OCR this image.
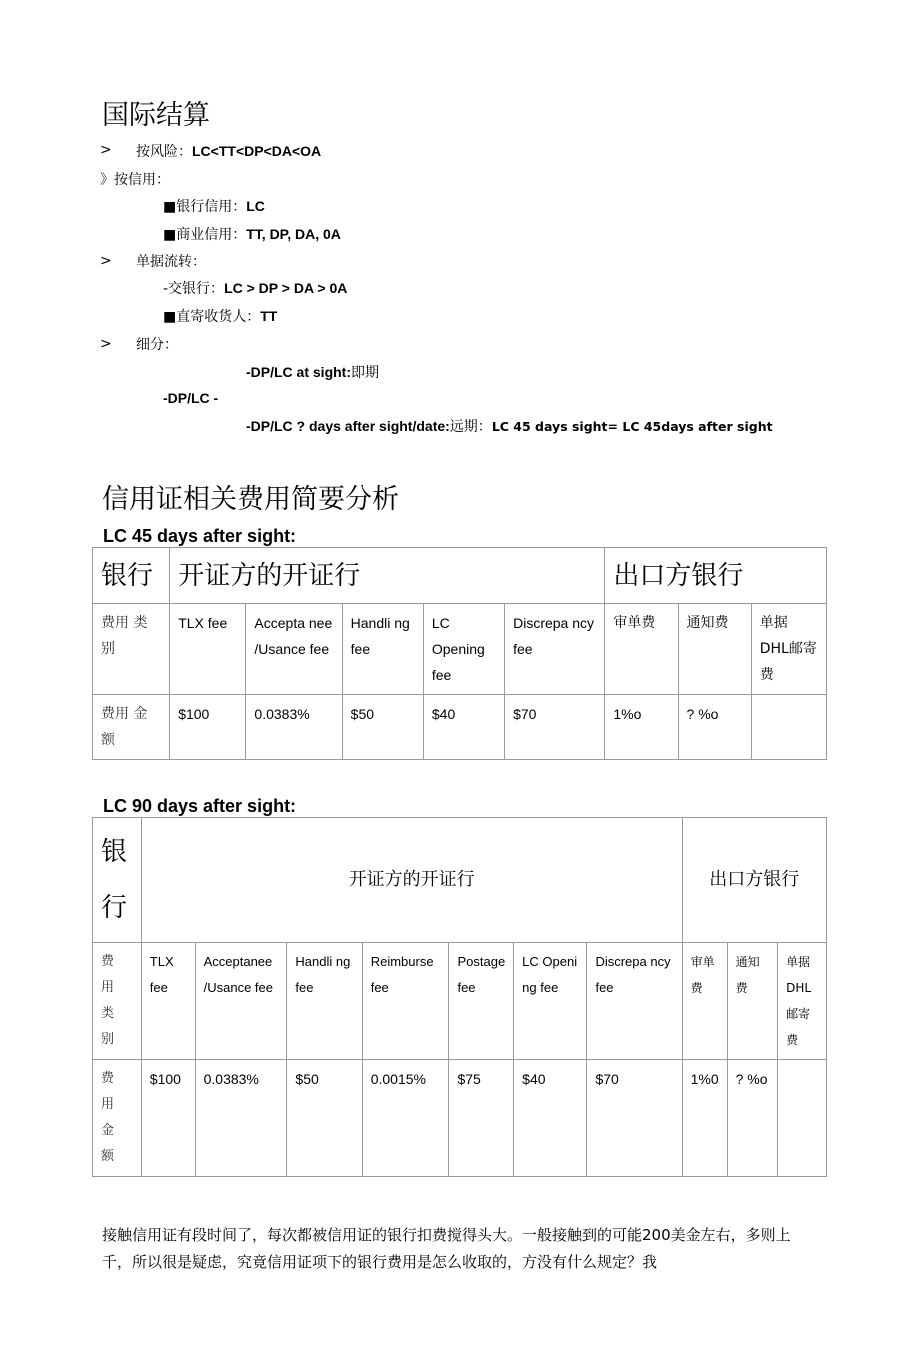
国际结算
> 按风险：LC<TT<DP<DA<OA
》按信用：
■银行信用：LC
■商业信用：TT, DP, DA, 0A
> 单据流转：
-交银行：LC > DP > DA > 0A
■直寄收货人：TT
> 细分：
-DP/LC at sight:即期
-DP/LC -
-DP/LC ? days after sight/date:远期：LC 45 days sight= LC 45days after sight
信用证相关费用简要分析
LC 45 days after sight:
银行	开证方的开证行					出口方银行		
费用 类别	TLX fee	Accepta nee /Usance fee	Handli ng fee	LC Opening fee	Discrepa ncy fee	审单费	通知费	单据 DHL邮寄费
费用 金额	$100	0.0383%	$50	$40	$70	1%o	? %o	
LC 90 days after sight:
银 行	开证方的开证行							出口方银行		
费 用 类 别	TLX fee	Acceptanee /Usance fee	Handli ng fee	Reimburse fee	Postage fee	LC Openi ng fee	Discrepa ncy fee	审单费	通知费	单据 DHL 邮寄费
费 用 金 额	$100	0.0383%	$50	0.0015%	$75	$40	$70	1%0	? %o	
接触信用证有段时间了，每次都被信用证的银行扣费搅得头大。一般接触到的可能200美金左右，多则上千，所以很是疑虑，究竟信用证项下的银行费用是怎么收取的，方没有什么规定？我
